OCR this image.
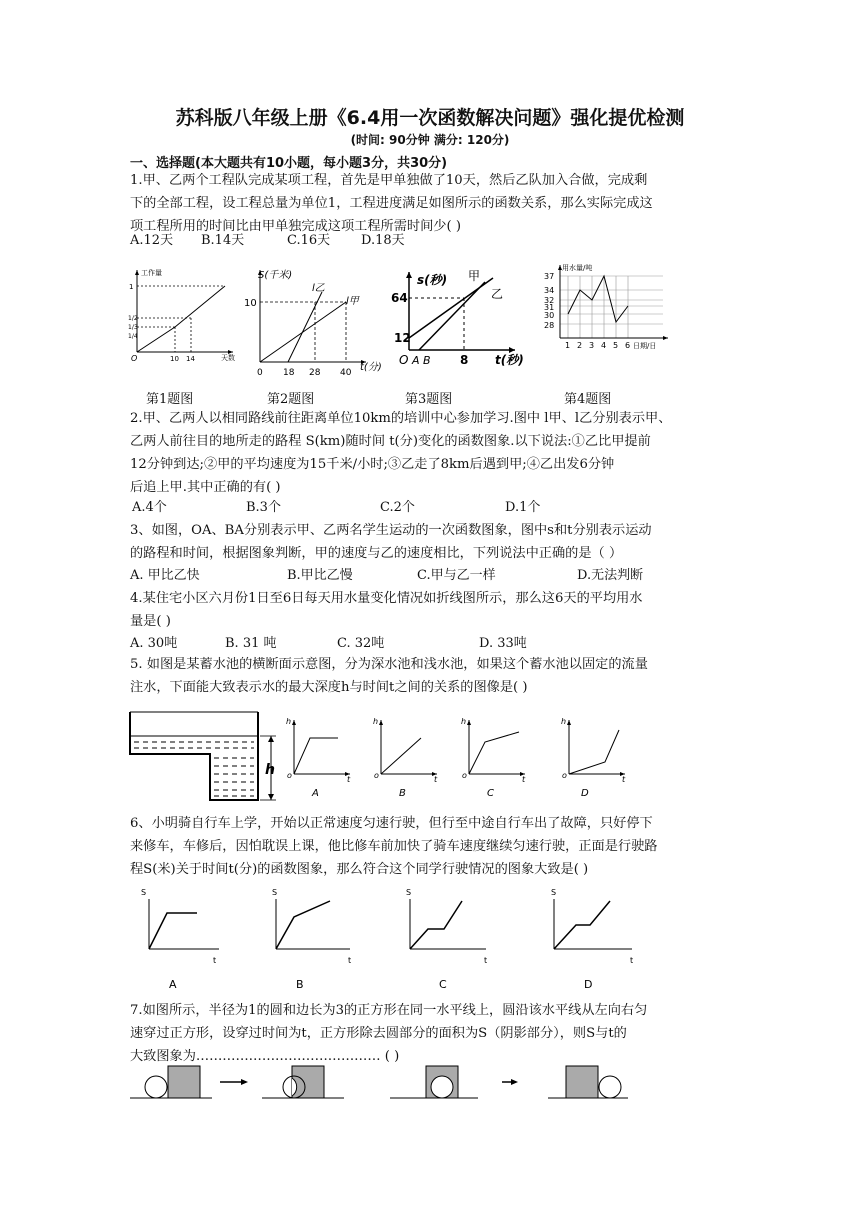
苏科版八年级上册《6.4用一次函数解决问题》强化提优检测
(时间: 90分钟 满分: 120分)
一、选择题(本大题共有10小题，每小题3分，共30分)
1.甲、乙两个工程队完成某项工程，首先是甲单独做了10天，然后乙队加入合做，完成剩
下的全部工程，设工程总量为单位1，工程进度满足如图所示的函数关系，那么实际完成这
项工程所用的时间比由甲单独完成这项工程所需时间少( )
A.12天 B.14天	C.16天 D.18天
工作量
天数
1
1/2
1/3
1/4
O	10 14
S(千米)
t(分)
10
0 18 28 40
l乙
l甲
s(秒)
t(秒)
64
12
O A B 8
甲
乙
用水量/吨
日期/日
37
34
32
31
30
28
1 2 3 4 5 6
第1题图	第2题图	第3题图	第4题图
2.甲、乙两人以相同路线前往距离单位10km的培训中心参加学习.图中 l甲、l乙分别表示甲、
乙两人前往目的地所走的路程 S(km)随时间 t(分)变化的函数图象.以下说法:①乙比甲提前
12分钟到达;②甲的平均速度为15千米/小时;③乙走了8km后遇到甲;④乙出发6分钟
后追上甲.其中正确的有( )
A.4个	B.3个	C.2个	D.1个
3、如图，OA、BA分别表示甲、乙两名学生运动的一次函数图象，图中s和t分别表示运动
的路程和时间，根据图象判断，甲的速度与乙的速度相比，下列说法中正确的是（ ）
A. 甲比乙快	B.甲比乙慢	C.甲与乙一样	D.无法判断
4.某住宅小区六月份1日至6日每天用水量变化情况如折线图所示，那么这6天的平均用水
量是( )
A. 30吨	B. 31 吨	C. 32吨	D. 33吨
5. 如图是某蓄水池的横断面示意图，分为深水池和浅水池，如果这个蓄水池以固定的流量
注水，下面能大致表示水的最大深度h与时间t之间的关系的图像是( )
h
h
o	t
A
h
o	t
B
h
o	t
C
h
o	t
D
6、小明骑自行车上学，开始以正常速度匀速行驶，但行至中途自行车出了故障，只好停下
来修车，车修后，因怕耽误上课，他比修车前加快了骑车速度继续匀速行驶，正面是行驶路
程S(米)关于时间t(分)的函数图象，那么符合这个同学行驶情况的图象大致是( )
S
t
A
S
t
B
S
t
C
S
t
D
7.如图所示，半径为1的圆和边长为3的正方形在同一水平线上，圆沿该水平线从左向右匀
速穿过正方形，设穿过时间为t，正方形除去圆部分的面积为S（阴影部分），则S与t的
大致图象为…………………………………… ( )
